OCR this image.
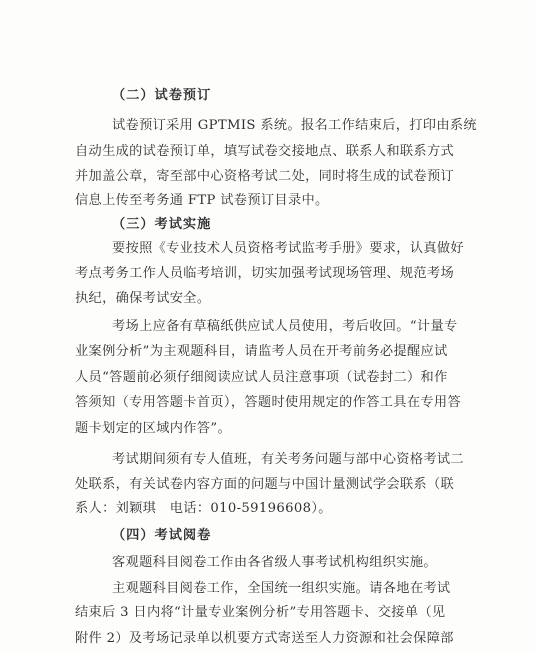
（二）试卷预订
试卷预订采用 GPTMIS 系统。报名工作结束后，打印由系统
自动生成的试卷预订单，填写试卷交接地点、联系人和联系方式
并加盖公章，寄至部中心资格考试二处，同时将生成的试卷预订
信息上传至考务通 FTP 试卷预订目录中。
（三）考试实施
要按照《专业技术人员资格考试监考手册》要求，认真做好
考点考务工作人员临考培训，切实加强考试现场管理、规范考场
执纪，确保考试安全。
考场上应备有草稿纸供应试人员使用，考后收回。“计量专
业案例分析”为主观题科目，请监考人员在开考前务必提醒应试
人员“答题前必须仔细阅读应试人员注意事项（试卷封二）和作
答须知（专用答题卡首页），答题时使用规定的作答工具在专用答
题卡划定的区域内作答”。
考试期间须有专人值班，有关考务问题与部中心资格考试二
处联系，有关试卷内容方面的问题与中国计量测试学会联系（联
系人：刘颖琪　电话：010-59196608）。
（四）考试阅卷
客观题科目阅卷工作由各省级人事考试机构组织实施。
主观题科目阅卷工作，全国统一组织实施。请各地在考试
结束后 3 日内将“计量专业案例分析”专用答题卡、交接单（见
附件 2）及考场记录单以机要方式寄送至人力资源和社会保障部
